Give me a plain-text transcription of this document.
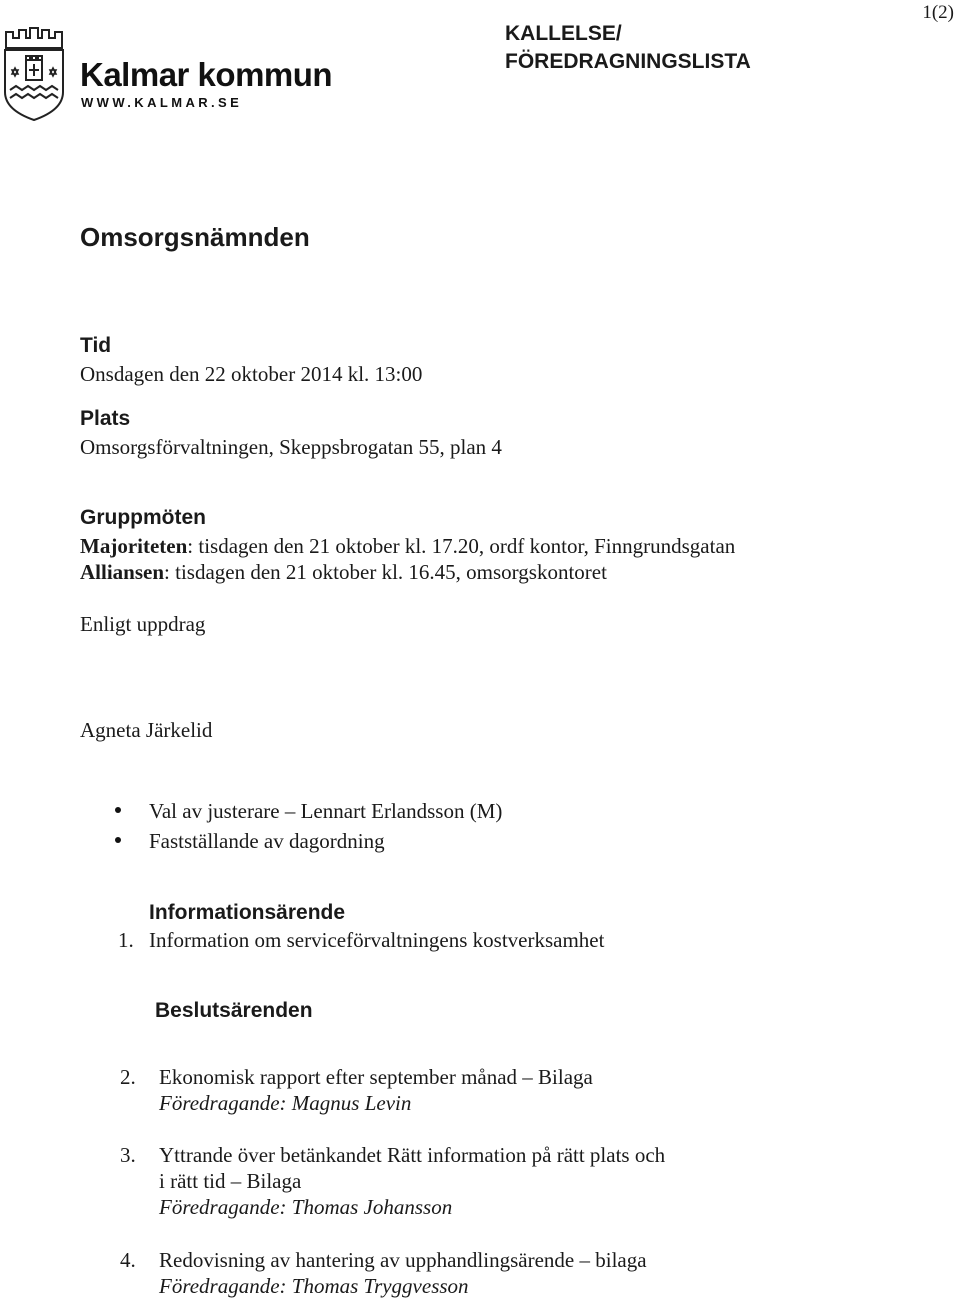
1(2)
Kalmar kommun
WWW.KALMAR.SE
KALLELSE/
FÖREDRAGNINGSLISTA
Omsorgsnämnden
Tid
Onsdagen den 22 oktober 2014 kl. 13:00
Plats
Omsorgsförvaltningen, Skeppsbrogatan 55, plan 4
Gruppmöten
Majoriteten: tisdagen den 21 oktober kl. 17.20, ordf kontor, Finngrundsgatan
Alliansen: tisdagen den 21 oktober kl. 16.45, omsorgskontoret
Enligt uppdrag
Agneta Järkelid
Val av justerare – Lennart Erlandsson (M)
Fastställande av dagordning
Informationsärende
1. Information om serviceförvaltningens kostverksamhet
Beslutsärenden
2. Ekonomisk rapport efter september månad – Bilaga
Föredragande: Magnus Levin
3. Yttrande över betänkandet Rätt information på rätt plats och
i rätt tid – Bilaga
Föredragande: Thomas Johansson
4. Redovisning av hantering av upphandlingsärende – bilaga
Föredragande: Thomas Tryggvesson
